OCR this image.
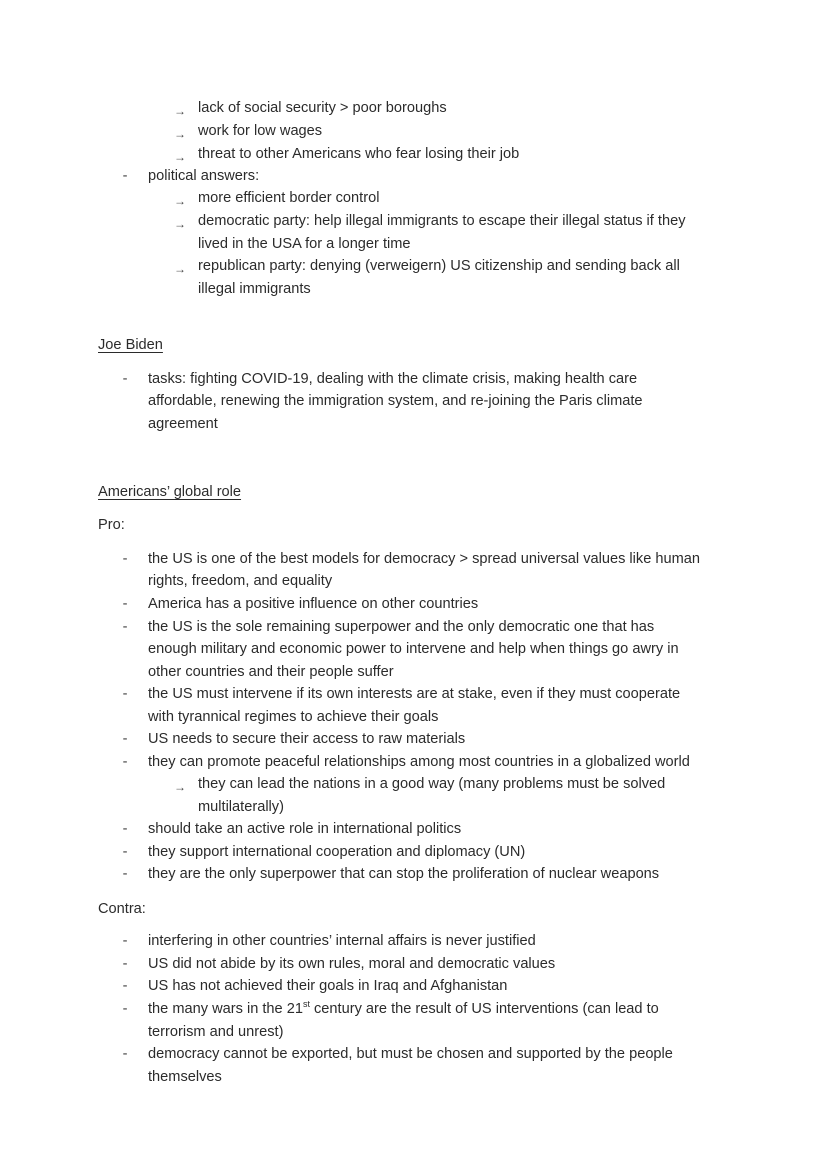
→ lack of social security > poor boroughs
→ work for low wages
→ threat to other Americans who fear losing their job
- political answers:
→ more efficient border control
→ democratic party: help illegal immigrants to escape their illegal status if they
lived in the USA for a longer time
→ republican party: denying (verweigern) US citizenship and sending back all
illegal immigrants
Joe Biden
- tasks: fighting COVID-19, dealing with the climate crisis, making health care
affordable, renewing the immigration system, and re-joining the Paris climate
agreement
Americans’ global role
Pro:
- the US is one of the best models for democracy > spread universal values like human
rights, freedom, and equality
- America has a positive influence on other countries
- the US is the sole remaining superpower and the only democratic one that has
enough military and economic power to intervene and help when things go awry in
other countries and their people suffer
- the US must intervene if its own interests are at stake, even if they must cooperate
with tyrannical regimes to achieve their goals
- US needs to secure their access to raw materials
- they can promote peaceful relationships among most countries in a globalized world
→ they can lead the nations in a good way (many problems must be solved
multilaterally)
- should take an active role in international politics
- they support international cooperation and diplomacy (UN)
- they are the only superpower that can stop the proliferation of nuclear weapons
Contra:
- interfering in other countries’ internal affairs is never justified
- US did not abide by its own rules, moral and democratic values
- US has not achieved their goals in Iraq and Afghanistan
- the many wars in the 21st century are the result of US interventions (can lead to
terrorism and unrest)
- democracy cannot be exported, but must be chosen and supported by the people
themselves
